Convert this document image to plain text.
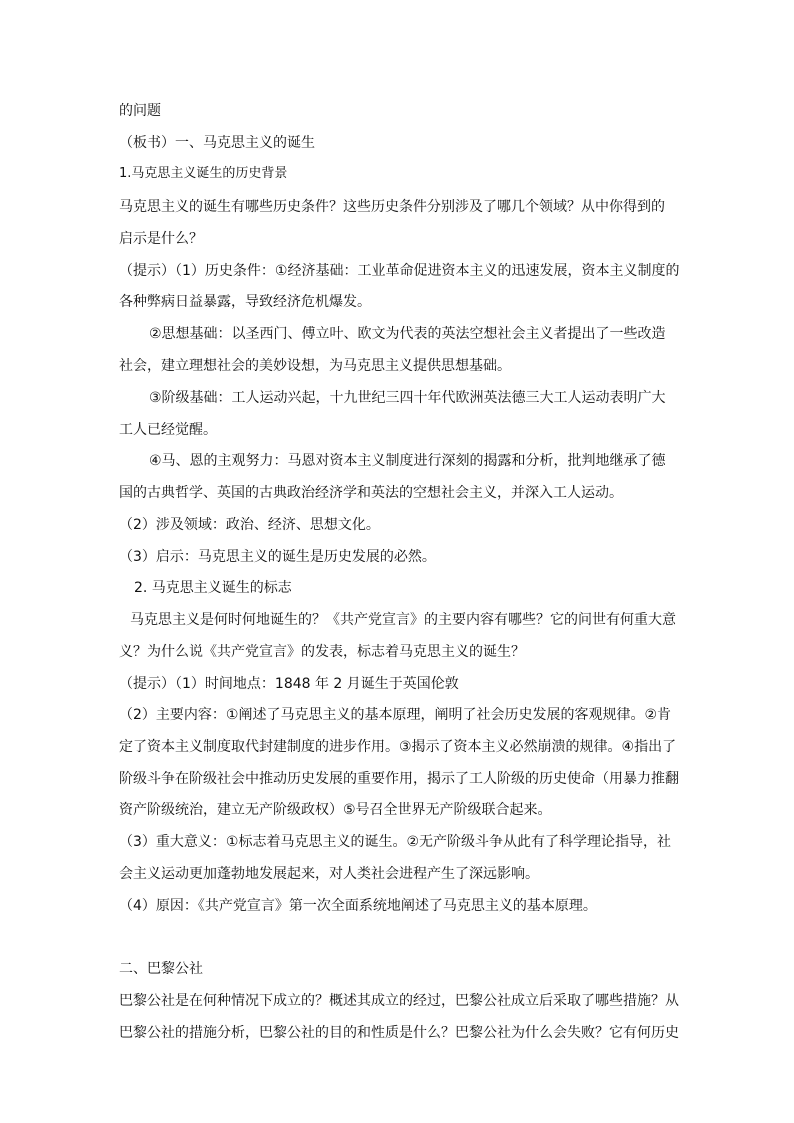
的问题
（板书）一、马克思主义的诞生
1.马克思主义诞生的历史背景
马克思主义的诞生有哪些历史条件？这些历史条件分别涉及了哪几个领域？从中你得到的
启示是什么？
（提示）（1）历史条件：①经济基础：工业革命促进资本主义的迅速发展，资本主义制度的
各种弊病日益暴露，导致经济危机爆发。
②思想基础：以圣西门、傅立叶、欧文为代表的英法空想社会主义者提出了一些改造
社会，建立理想社会的美妙设想，为马克思主义提供思想基础。
③阶级基础：工人运动兴起，十九世纪三四十年代欧洲英法德三大工人运动表明广大
工人已经觉醒。
④马、恩的主观努力：马恩对资本主义制度进行深刻的揭露和分析，批判地继承了德
国的古典哲学、英国的古典政治经济学和英法的空想社会主义，并深入工人运动。
（2）涉及领域：政治、经济、思想文化。
（3）启示：马克思主义的诞生是历史发展的必然。
2. 马克思主义诞生的标志
马克思主义是何时何地诞生的？《共产党宣言》的主要内容有哪些？它的问世有何重大意
义？为什么说《共产党宣言》的发表，标志着马克思主义的诞生？
（提示）（1）时间地点：1848 年 2 月诞生于英国伦敦
（2）主要内容：①阐述了马克思主义的基本原理，阐明了社会历史发展的客观规律。②肯
定了资本主义制度取代封建制度的进步作用。③揭示了资本主义必然崩溃的规律。④指出了
阶级斗争在阶级社会中推动历史发展的重要作用，揭示了工人阶级的历史使命（用暴力推翻
资产阶级统治，建立无产阶级政权）⑤号召全世界无产阶级联合起来。
（3）重大意义：①标志着马克思主义的诞生。②无产阶级斗争从此有了科学理论指导，社
会主义运动更加蓬勃地发展起来，对人类社会进程产生了深远影响。
（4）原因：《共产党宣言》第一次全面系统地阐述了马克思主义的基本原理。
二、巴黎公社
巴黎公社是在何种情况下成立的？概述其成立的经过，巴黎公社成立后采取了哪些措施？从
巴黎公社的措施分析，巴黎公社的目的和性质是什么？巴黎公社为什么会失败？它有何历史
